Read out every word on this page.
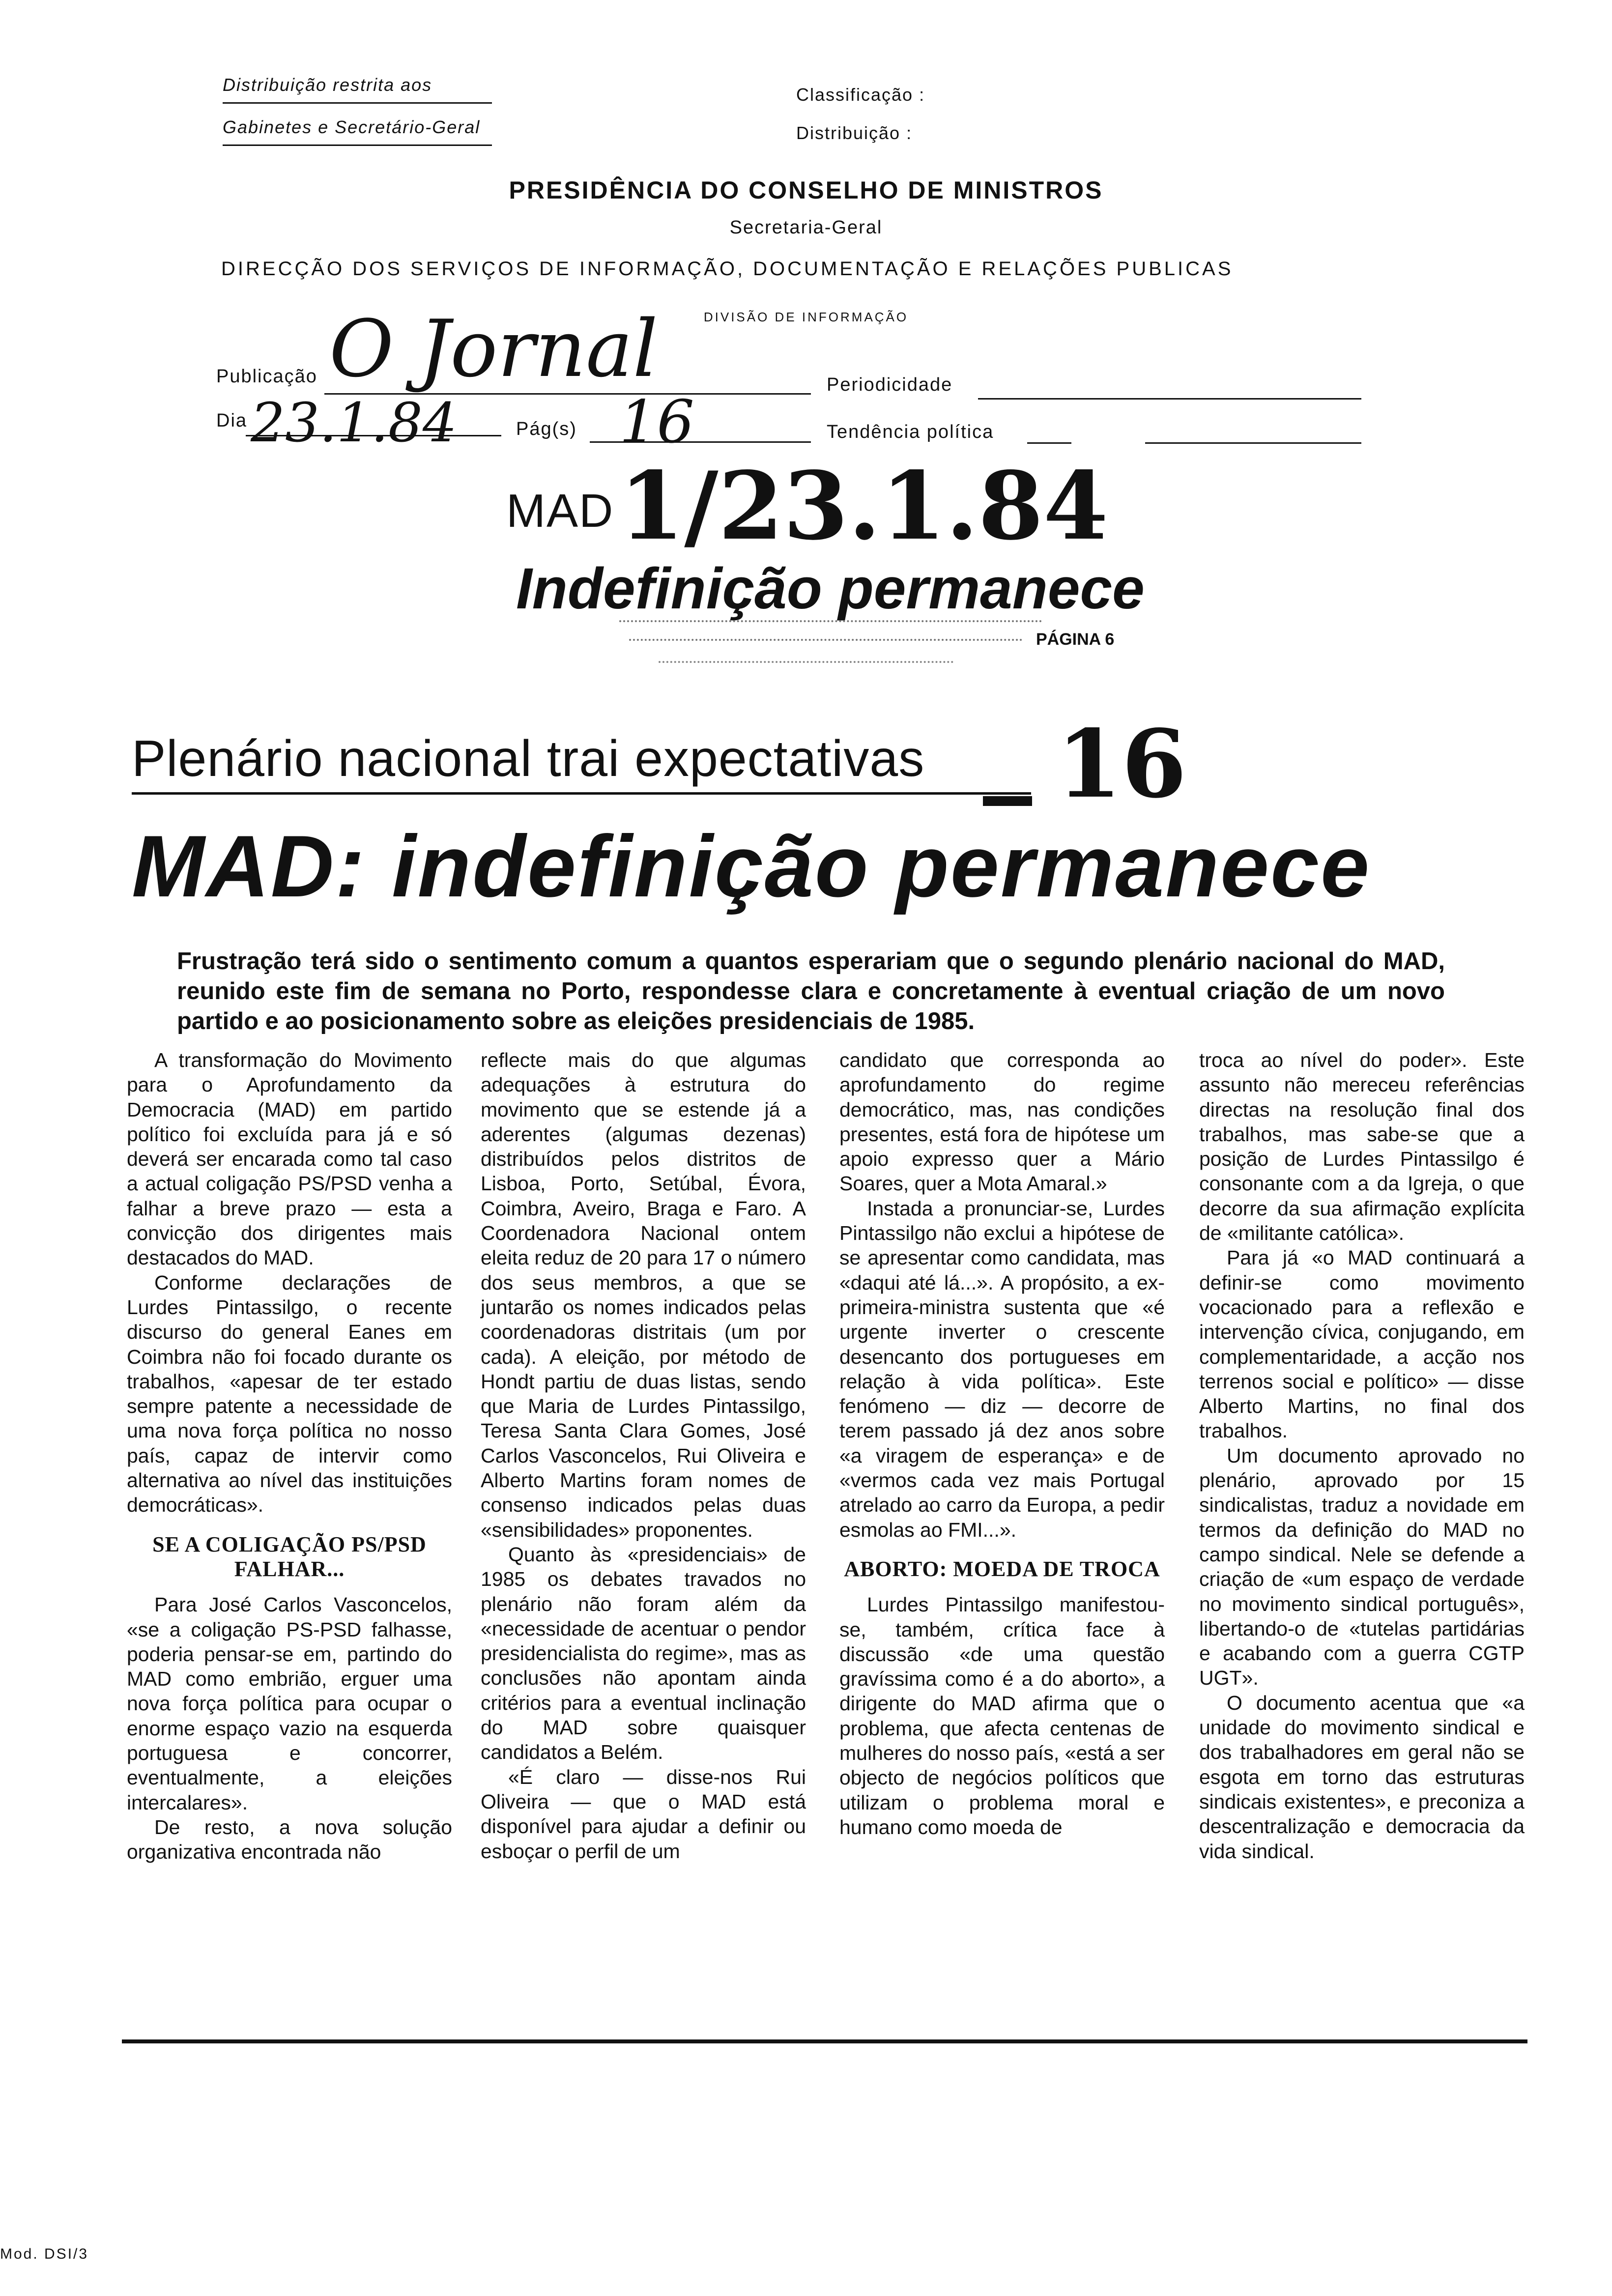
Distribuição restrita aos
Gabinetes e Secretário-Geral
Classificação :
Distribuição :
PRESIDÊNCIA DO CONSELHO DE MINISTROS
Secretaria-Geral
DIRECÇÃO DOS SERVIÇOS DE INFORMAÇÃO, DOCUMENTAÇÃO E RELAÇÕES PUBLICAS
DIVISÃO DE INFORMAÇÃO
Publicação O Jornal	Periodicidade
Dia 23.1.84	Pág(s) 16	Tendência política
MAD 1/23.1.84
Indefinição permanece
PÁGINA 6
Plenário nacional trai expectativas 16
MAD: indefinição permanece
Frustração terá sido o sentimento comum a quantos esperariam que o segundo plenário nacional do MAD, reunido este fim de semana no Porto, respondesse clara e concretamente à eventual criação de um novo partido e ao posicionamento sobre as eleições presidenciais de 1985.

A transformação do Movimento para o Aprofundamento da Democracia (MAD) em partido político foi excluída para já e só deverá ser encarada como tal caso a actual coligação PS/PSD venha a falhar a breve prazo — esta a convicção dos dirigentes mais destacados do MAD.

Conforme declarações de Lurdes Pintassilgo, o recente discurso do general Eanes em Coimbra não foi focado durante os trabalhos, «apesar de ter estado sempre patente a necessidade de uma nova força política no nosso país, capaz de intervir como alternativa ao nível das instituições democráticas».

SE A COLIGAÇÃO PS/PSD FALHAR...

Para José Carlos Vasconcelos, «se a coligação PS-PSD falhasse, poderia pensar-se em, partindo do MAD como embrião, erguer uma nova força política para ocupar o enorme espaço vazio na esquerda portuguesa e concorrer, eventualmente, a eleições intercalares».

De resto, a nova solução organizativa encontrada não

reflecte mais do que algumas adequações à estrutura do movimento que se estende já a aderentes (algumas dezenas) distribuídos pelos distritos de Lisboa, Porto, Setúbal, Évora, Coimbra, Aveiro, Braga e Faro. A Coordenadora Nacional ontem eleita reduz de 20 para 17 o número dos seus membros, a que se juntarão os nomes indicados pelas coordenadoras distritais (um por cada). A eleição, por método de Hondt partiu de duas listas, sendo que Maria de Lurdes Pintassilgo, Teresa Santa Clara Gomes, José Carlos Vasconcelos, Rui Oliveira e Alberto Martins foram nomes de consenso indicados pelas duas «sensibilidades» proponentes.

Quanto às «presidenciais» de 1985 os debates travados no plenário não foram além da «necessidade de acentuar o pendor presidencialista do regime», mas as conclusões não apontam ainda critérios para a eventual inclinação do MAD sobre quaisquer candidatos a Belém.

«É claro — disse-nos Rui Oliveira — que o MAD está disponível para ajudar a definir ou esboçar o perfil de um

candidato que corresponda ao aprofundamento do regime democrático, mas, nas condições presentes, está fora de hipótese um apoio expresso quer a Mário Soares, quer a Mota Amaral.»

Instada a pronunciar-se, Lurdes Pintassilgo não exclui a hipótese de se apresentar como candidata, mas «daqui até lá...». A propósito, a ex-primeira-ministra sustenta que «é urgente inverter o crescente desencanto dos portugueses em relação à vida política». Este fenómeno — diz — decorre de terem passado já dez anos sobre «a viragem de esperança» e de «vermos cada vez mais Portugal atrelado ao carro da Europa, a pedir esmolas ao FMI...».

ABORTO: MOEDA DE TROCA

Lurdes Pintassilgo manifestou-se, também, crítica face à discussão «de uma questão gravíssima como é a do aborto», a dirigente do MAD afirma que o problema, que afecta centenas de mulheres do nosso país, «está a ser objecto de negócios políticos que utilizam o problema moral e humano como moeda de

troca ao nível do poder». Este assunto não mereceu referências directas na resolução final dos trabalhos, mas sabe-se que a posição de Lurdes Pintassilgo é consonante com a da Igreja, o que decorre da sua afirmação explícita de «militante católica».

Para já «o MAD continuará a definir-se como movimento vocacionado para a reflexão e intervenção cívica, conjugando, em complementaridade, a acção nos terrenos social e político» — disse Alberto Martins, no final dos trabalhos.

Um documento aprovado no plenário, aprovado por 15 sindicalistas, traduz a novidade em termos da definição do MAD no campo sindical. Nele se defende a criação de «um espaço de verdade no movimento sindical português», libertando-o de «tutelas partidárias e acabando com a guerra CGTP UGT».

O documento acentua que «a unidade do movimento sindical e dos trabalhadores em geral não se esgota em torno das estruturas sindicais existentes», e preconiza a descentralização e democracia da vida sindical.

Mod. DSI/3
